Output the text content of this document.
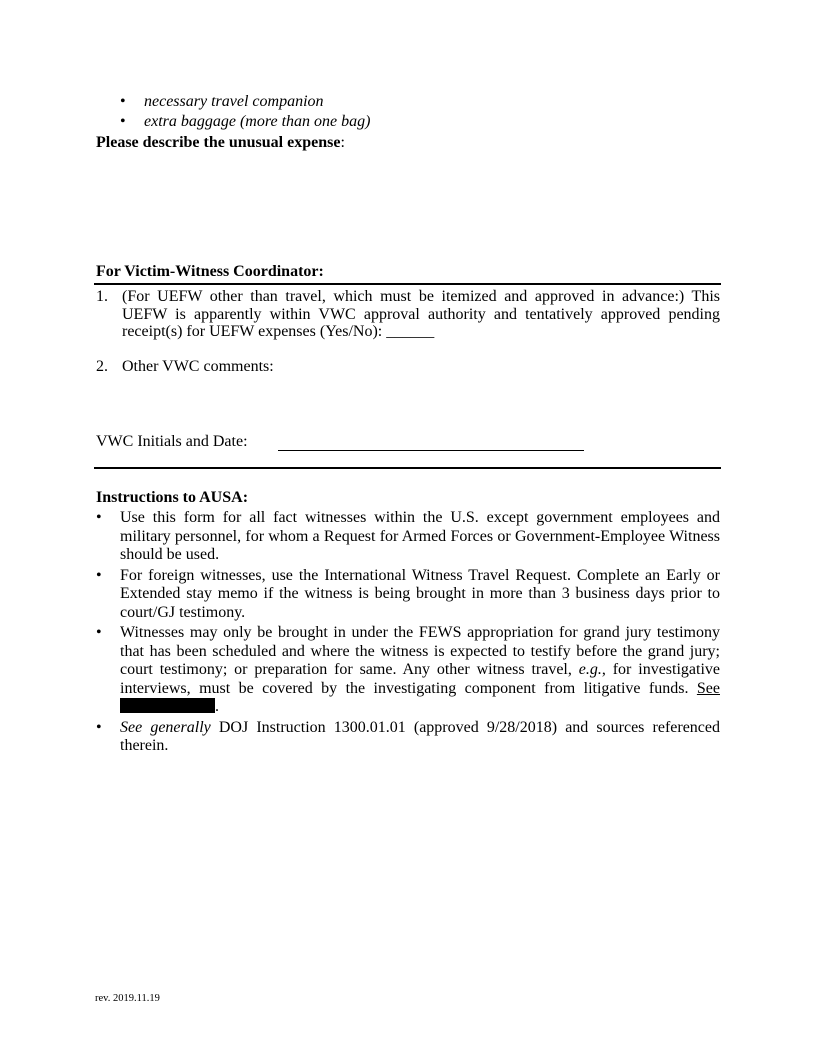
•	necessary travel companion
•	extra baggage (more than one bag)
Please describe the unusual expense:
For Victim-Witness Coordinator:
1. (For UEFW other than travel, which must be itemized and approved in advance:) This UEFW is apparently within VWC approval authority and tentatively approved pending receipt(s) for UEFW expenses (Yes/No): ______
2. Other VWC comments:
VWC Initials and Date:
Instructions to AUSA:
•	Use this form for all fact witnesses within the U.S. except government employees and military personnel, for whom a Request for Armed Forces or Government-Employee Witness should be used.
•	For foreign witnesses, use the International Witness Travel Request. Complete an Early or Extended stay memo if the witness is being brought in more than 3 business days prior to court/GJ testimony.
•	Witnesses may only be brought in under the FEWS appropriation for grand jury testimony that has been scheduled and where the witness is expected to testify before the grand jury; court testimony; or preparation for same. Any other witness travel, e.g., for investigative interviews, must be covered by the investigating component from litigative funds. See .
•	See generally DOJ Instruction 1300.01.01 (approved 9/28/2018) and sources referenced therein.
rev. 2019.11.19
